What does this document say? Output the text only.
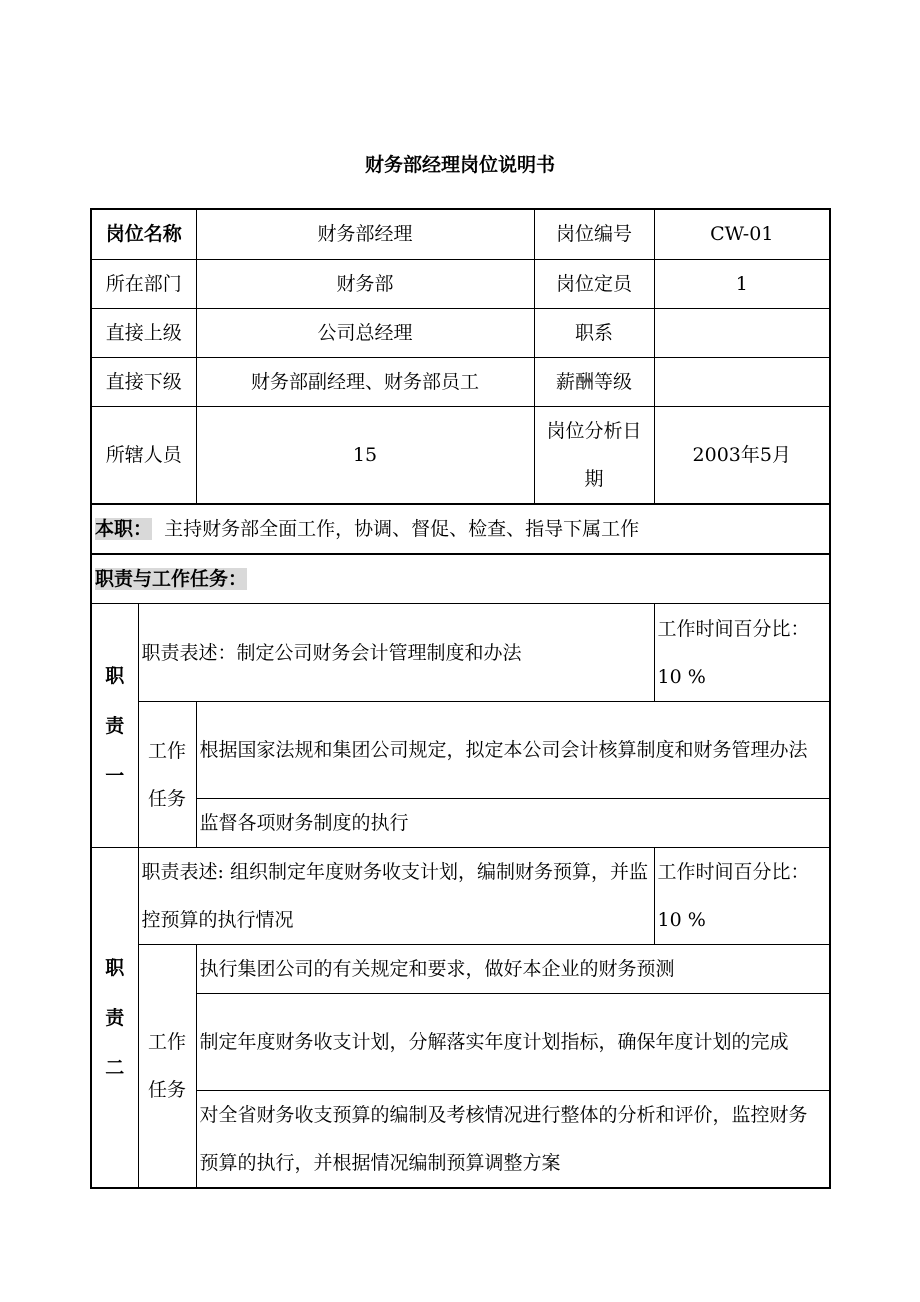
财务部经理岗位说明书
岗位名称		财务部经理	岗位编号	CW-01
所在部门		财务部	岗位定员	1
直接上级		公司总经理	职系	
直接下级		财务部副经理、财务部员工	薪酬等级	
所辖人员		15	岗位分析日期	2003年5月
本职： 主持财务部全面工作，协调、督促、检查、指导下属工作				
职责与工作任务：				
职责一	职责表述：制定公司财务会计管理制度和办法			工作时间百分比：
10 %

	工作任务	根据国家法规和集团公司规定，拟定本公司会计核算制度和财务管理办法		
		监督各项财务制度的执行		
职责二	职责表述: 组织制定年度财务收支计划，编制财务预算，并监控预算的执行情况			工作时间百分比：
10 %

	工作任务	执行集团公司的有关规定和要求，做好本企业的财务预测		
		制定年度财务收支计划，分解落实年度计划指标，确保年度计划的完成		
		对全省财务收支预算的编制及考核情况进行整体的分析和评价，监控财务预算的执行，并根据情况编制预算调整方案		
